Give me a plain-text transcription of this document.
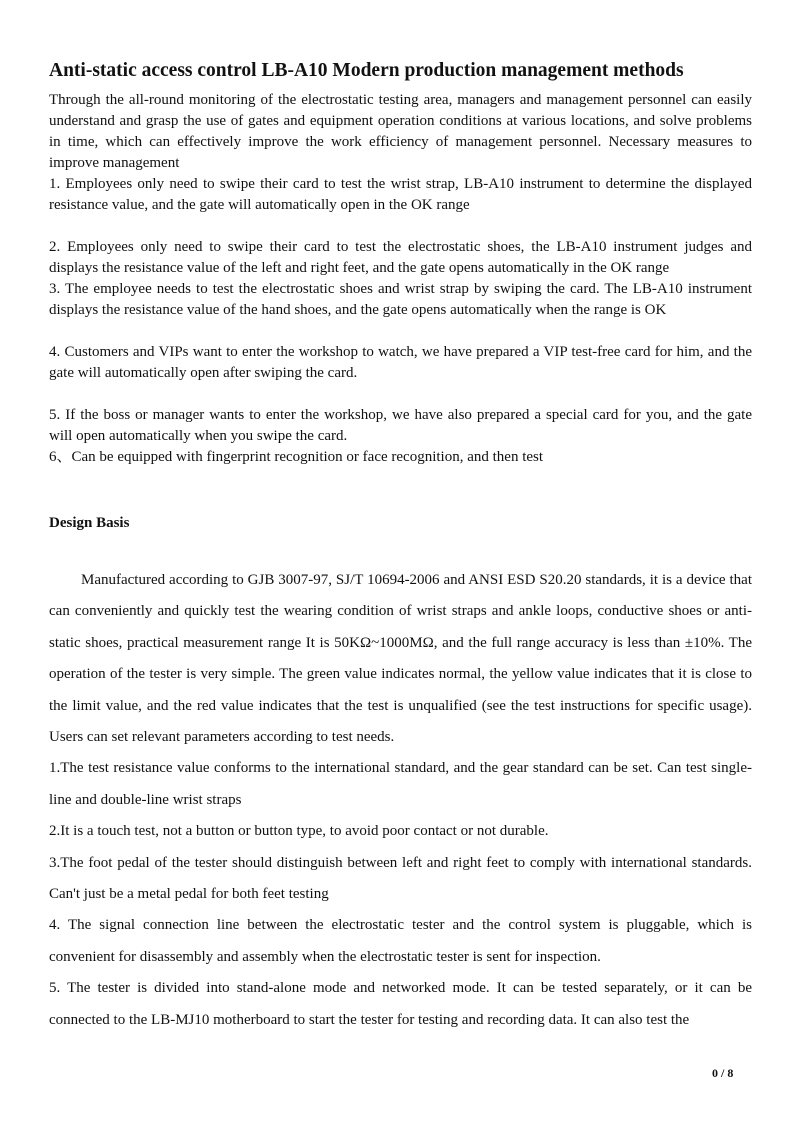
Anti-static access control LB-A10 Modern production management methods

Through the all-round monitoring of the electrostatic testing area, managers and management personnel can easily understand and grasp the use of gates and equipment operation conditions at various locations, and solve problems in time, which can effectively improve the work efficiency of management personnel. Necessary measures to improve management

1. Employees only need to swipe their card to test the wrist strap, LB-A10 instrument to determine the displayed resistance value, and the gate will automatically open in the OK range

2. Employees only need to swipe their card to test the electrostatic shoes, the LB-A10 instrument judges and displays the resistance value of the left and right feet, and the gate opens automatically in the OK range

3. The employee needs to test the electrostatic shoes and wrist strap by swiping the card. The LB-A10 instrument displays the resistance value of the hand shoes, and the gate opens automatically when the range is OK

4. Customers and VIPs want to enter the workshop to watch, we have prepared a VIP test-free card for him, and the gate will automatically open after swiping the card.

5. If the boss or manager wants to enter the workshop, we have also prepared a special card for you, and the gate will open automatically when you swipe the card.

6、Can be equipped with fingerprint recognition or face recognition, and then test

Design Basis

Manufactured according to GJB 3007-97, SJ/T 10694-2006 and ANSI ESD S20.20 standards, it is a device that can conveniently and quickly test the wearing condition of wrist straps and ankle loops, conductive shoes or anti-static shoes, practical measurement range It is 50KΩ~1000MΩ, and the full range accuracy is less than ±10%. The operation of the tester is very simple. The green value indicates normal, the yellow value indicates that it is close to the limit value, and the red value indicates that the test is unqualified (see the test instructions for specific usage). Users can set relevant parameters according to test needs.

1.The test resistance value conforms to the international standard, and the gear standard can be set. Can test single-line and double-line wrist straps

2.It is a touch test, not a button or button type, to avoid poor contact or not durable.

3.The foot pedal of the tester should distinguish between left and right feet to comply with international standards. Can't just be a metal pedal for both feet testing

4. The signal connection line between the electrostatic tester and the control system is pluggable, which is convenient for disassembly and assembly when the electrostatic tester is sent for inspection.

5. The tester is divided into stand-alone mode and networked mode. It can be tested separately, or it can be connected to the LB-MJ10 motherboard to start the tester for testing and recording data. It can also test the

0 / 8
